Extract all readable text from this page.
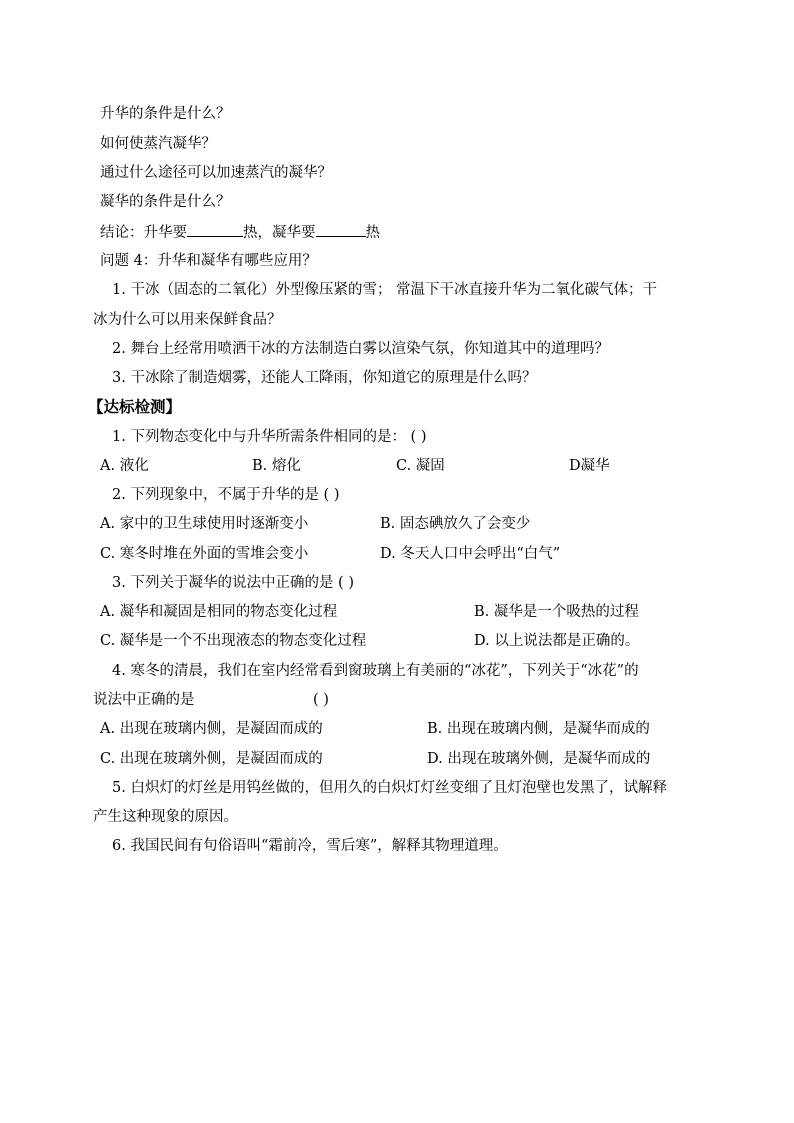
升华的条件是什么？
如何使蒸汽凝华？
通过什么途径可以加速蒸汽的凝华？
凝华的条件是什么？
结论：升华要	热，凝华要	热
问题 4：升华和凝华有哪些应用？
1. 干冰（固态的二氧化）外型像压紧的雪； 常温下干冰直接升华为二氧化碳气体；干
冰为什么可以用来保鲜食品？
2. 舞台上经常用喷洒干冰的方法制造白雾以渲染气氛，你知道其中的道理吗？
3. 干冰除了制造烟雾，还能人工降雨，你知道它的原理是什么吗？
【达标检测】
1. 下列物态变化中与升华所需条件相同的是： ( )
A. 液化	B. 熔化	C. 凝固	D凝华
2. 下列现象中，不属于升华的是 ( )
A. 家中的卫生球使用时逐渐变小	B. 固态碘放久了会变少
C. 寒冬时堆在外面的雪堆会变小	D. 冬天人口中会呼出“白气”
3. 下列关于凝华的说法中正确的是 ( )
A. 凝华和凝固是相同的物态变化过程	B. 凝华是一个吸热的过程
C. 凝华是一个不出现液态的物态变化过程	D. 以上说法都是正确的。
4. 寒冬的清晨，我们在室内经常看到窗玻璃上有美丽的“冰花”，下列关于“冰花”的
说法中正确的是	( )
A. 出现在玻璃内侧，是凝固而成的	B. 出现在玻璃内侧，是凝华而成的
C. 出现在玻璃外侧，是凝固而成的	D. 出现在玻璃外侧，是凝华而成的
5. 白炽灯的灯丝是用钨丝做的，但用久的白炽灯灯丝变细了且灯泡壁也发黑了，试解释
产生这种现象的原因。
6. 我国民间有句俗语叫“霜前冷，雪后寒”，解释其物理道理。
